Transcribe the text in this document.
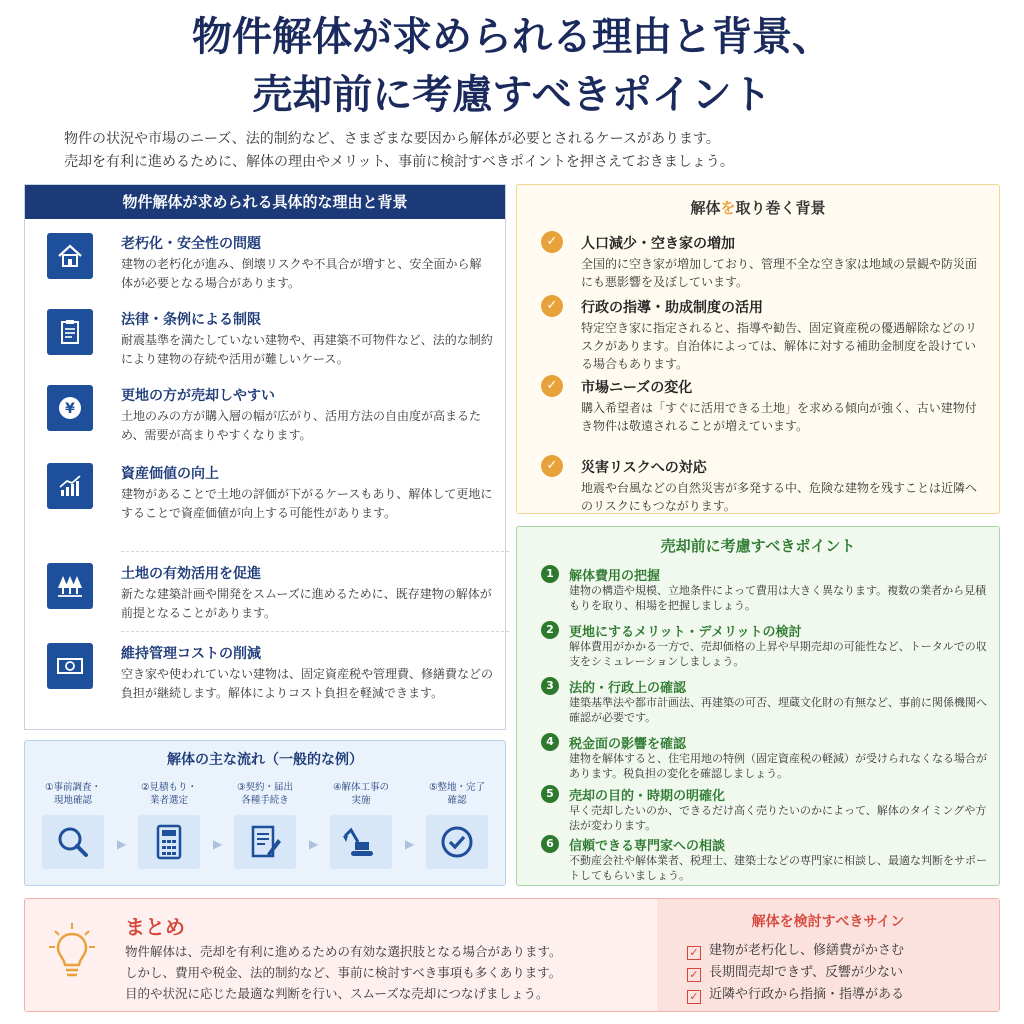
物件解体が求められる理由と背景、
売却前に考慮すべきポイント
物件の状況や市場のニーズ、法的制約など、さまざまな要因から解体が必要とされるケースがあります。
売却を有利に進めるために、解体の理由やメリット、事前に検討すべきポイントを押さえておきましょう。
物件解体が求められる具体的な理由と背景
老朽化・安全性の問題
建物の老朽化が進み、倒壊リスクや不具合が増すと、安全面から解体が必要となる場合があります。
法律・条例による制限
耐震基準を満たしていない建物や、再建築不可物件など、法的な制約により建物の存続や活用が難しいケース。
¥
更地の方が売却しやすい
土地のみの方が購入層の幅が広がり、活用方法の自由度が高まるため、需要が高まりやすくなります。
資産価値の向上
建物があることで土地の評価が下がるケースもあり、解体して更地にすることで資産価値が向上する可能性があります。
土地の有効活用を促進
新たな建築計画や開発をスムーズに進めるために、既存建物の解体が前提となることがあります。
維持管理コストの削減
空き家や使われていない建物は、固定資産税や管理費、修繕費などの負担が継続します。解体によりコスト負担を軽減できます。
解体の主な流れ（一般的な例）
①事前調査・
現地確認
▶
②見積もり・
業者選定
▶
③契約・届出
各種手続き
▶
④解体工事の
実施
▶
⑤整地・完了
確認
解体を取り巻く背景
✓	人口減少・空き家の増加
全国的に空き家が増加しており、管理不全な空き家は地域の景観や防災面にも悪影響を及ぼしています。
✓	行政の指導・助成制度の活用
特定空き家に指定されると、指導や勧告、固定資産税の優遇解除などのリスクがあります。自治体によっては、解体に対する補助金制度を設けている場合もあります。
✓	市場ニーズの変化
購入希望者は「すぐに活用できる土地」を求める傾向が強く、古い建物付き物件は敬遠されることが増えています。
✓	災害リスクへの対応
地震や台風などの自然災害が多発する中、危険な建物を残すことは近隣へのリスクにもつながります。
売却前に考慮すべきポイント
1	解体費用の把握
建物の構造や規模、立地条件によって費用は大きく異なります。複数の業者から見積もりを取り、相場を把握しましょう。
2	更地にするメリット・デメリットの検討
解体費用がかかる一方で、売却価格の上昇や早期売却の可能性など、トータルでの収支をシミュレーションしましょう。
3	法的・行政上の確認
建築基準法や都市計画法、再建築の可否、埋蔵文化財の有無など、事前に関係機関へ確認が必要です。
4	税金面の影響を確認
建物を解体すると、住宅用地の特例（固定資産税の軽減）が受けられなくなる場合があります。税負担の変化を確認しましょう。
5	売却の目的・時期の明確化
早く売却したいのか、できるだけ高く売りたいのかによって、解体のタイミングや方法が変わります。
6	信頼できる専門家への相談
不動産会社や解体業者、税理士、建築士などの専門家に相談し、最適な判断をサポートしてもらいましょう。
まとめ
物件解体は、売却を有利に進めるための有効な選択肢となる場合があります。
しかし、費用や税金、法的制約など、事前に検討すべき事項も多くあります。
目的や状況に応じた最適な判断を行い、スムーズな売却につなげましょう。
解体を検討すべきサイン
✓ 建物が老朽化し、修繕費がかさむ
✓ 長期間売却できず、反響が少ない
✓ 近隣や行政から指摘・指導がある
